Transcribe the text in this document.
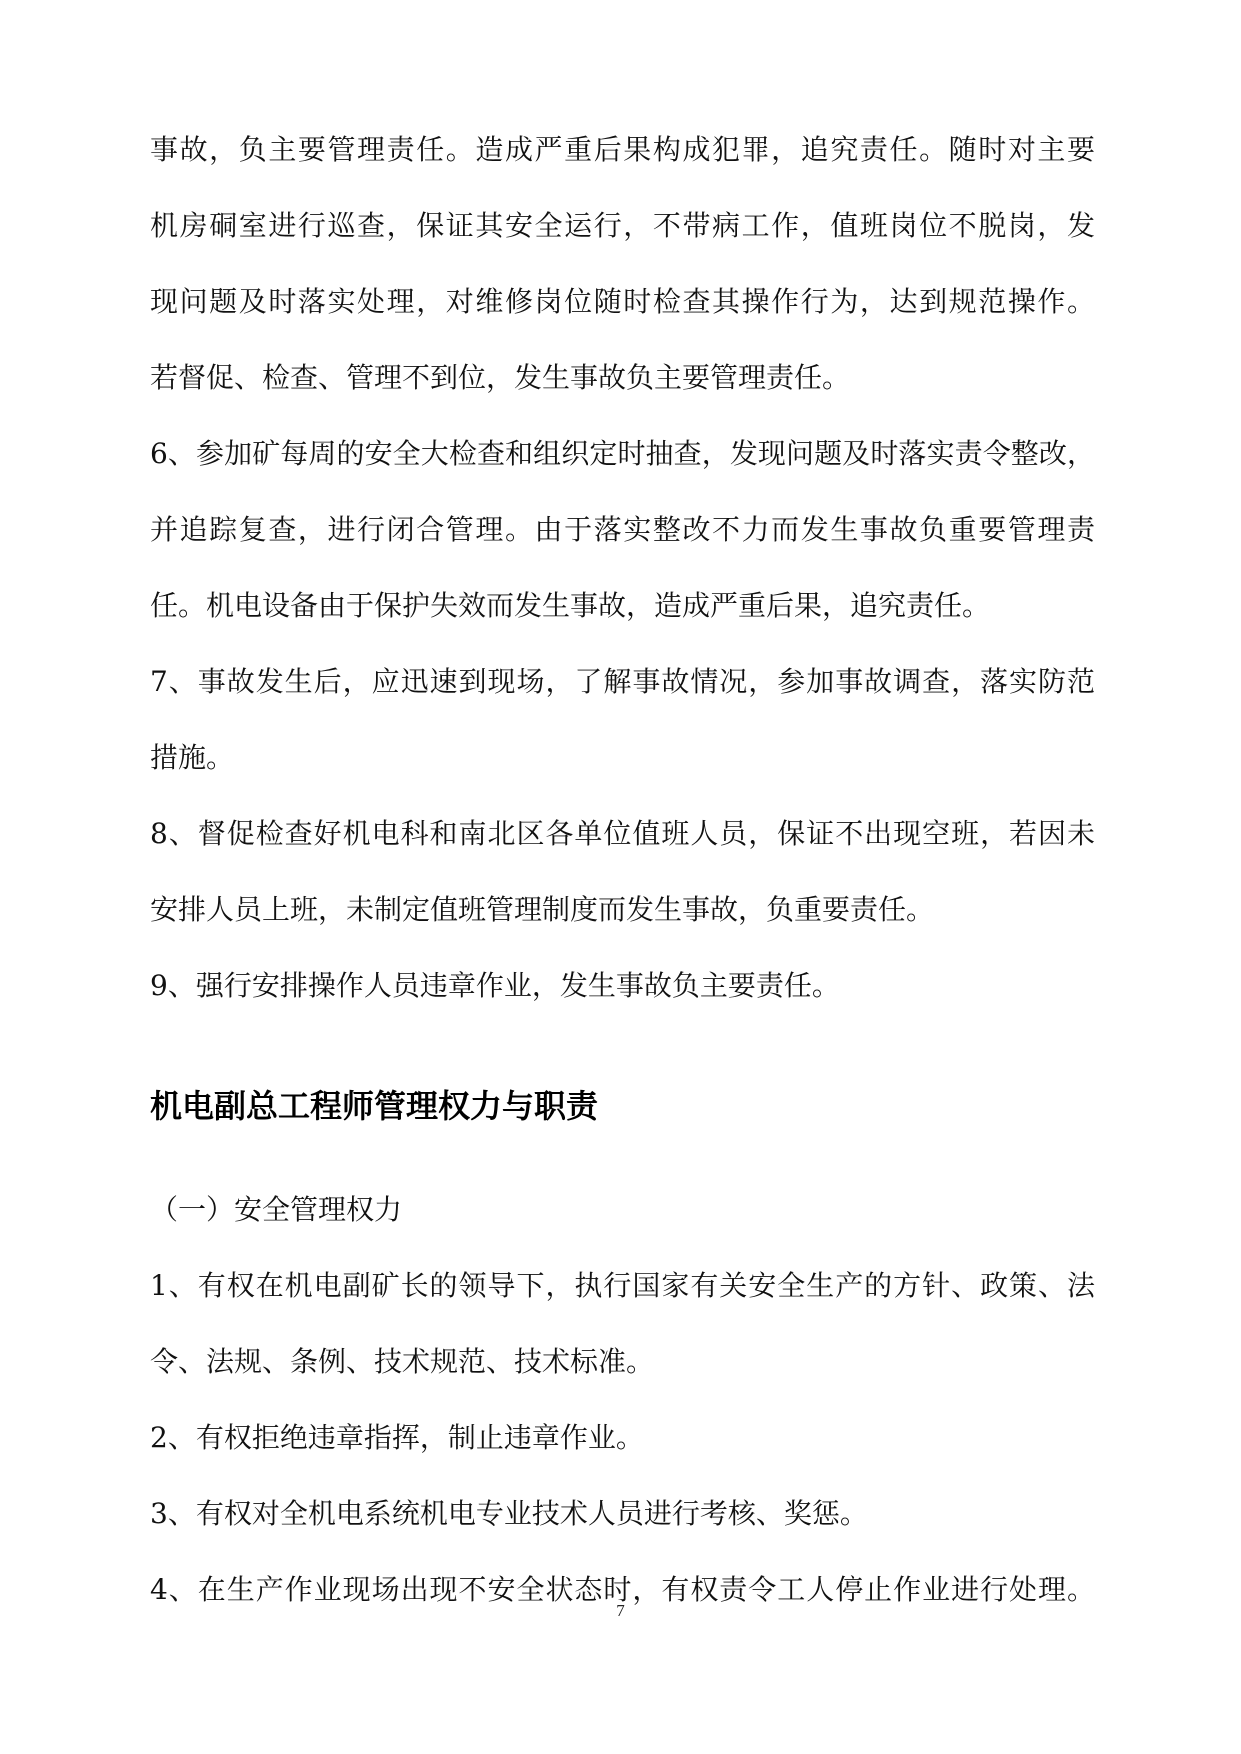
事故，负主要管理责任。造成严重后果构成犯罪，追究责任。随时对主要
机房硐室进行巡查，保证其安全运行，不带病工作，值班岗位不脱岗，发
现问题及时落实处理，对维修岗位随时检查其操作行为，达到规范操作。
若督促、检查、管理不到位，发生事故负主要管理责任。
6、参加矿每周的安全大检查和组织定时抽查，发现问题及时落实责令整改，
并追踪复查，进行闭合管理。由于落实整改不力而发生事故负重要管理责
任。机电设备由于保护失效而发生事故，造成严重后果，追究责任。
7、事故发生后，应迅速到现场，了解事故情况，参加事故调查，落实防范
措施。
8、督促检查好机电科和南北区各单位值班人员，保证不出现空班，若因未
安排人员上班，未制定值班管理制度而发生事故，负重要责任。
9、强行安排操作人员违章作业，发生事故负主要责任。
机电副总工程师管理权力与职责
（一）安全管理权力
1、有权在机电副矿长的领导下，执行国家有关安全生产的方针、政策、法
令、法规、条例、技术规范、技术标准。
2、有权拒绝违章指挥，制止违章作业。
3、有权对全机电系统机电专业技术人员进行考核、奖惩。
4、在生产作业现场出现不安全状态时，有权责令工人停止作业进行处理。
7
